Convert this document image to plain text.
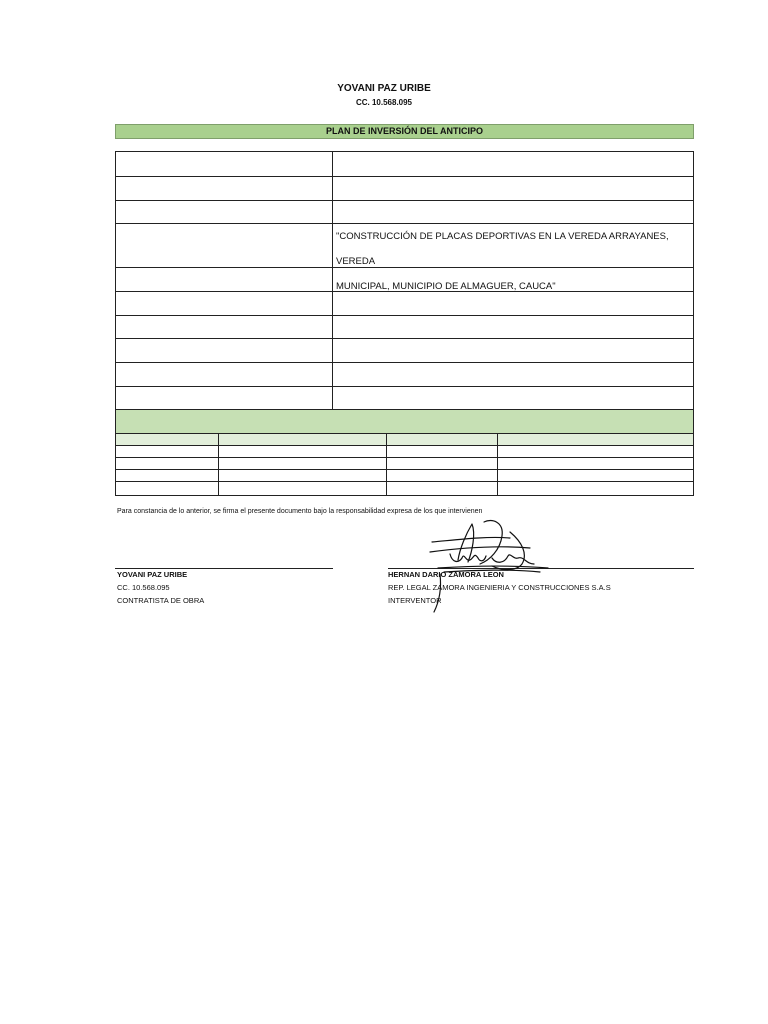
YOVANI PAZ URIBE
CC. 10.568.095
PLAN DE INVERSIÓN DEL ANTICIPO
"CONSTRUCCIÓN DE PLACAS DEPORTIVAS EN LA VEREDA ARRAYANES, VEREDA
MUNICIPAL, MUNICIPIO DE ALMAGUER, CAUCA"
Para constancia de lo anterior, se firma el presente documento bajo la responsabilidad expresa de los que intervienen
YOVANI PAZ URIBE
CC. 10.568.095
CONTRATISTA DE OBRA
HERNAN DARIO ZAMORA LEON
REP. LEGAL ZAMORA INGENIERIA Y CONSTRUCCIONES S.A.S
INTERVENTOR
